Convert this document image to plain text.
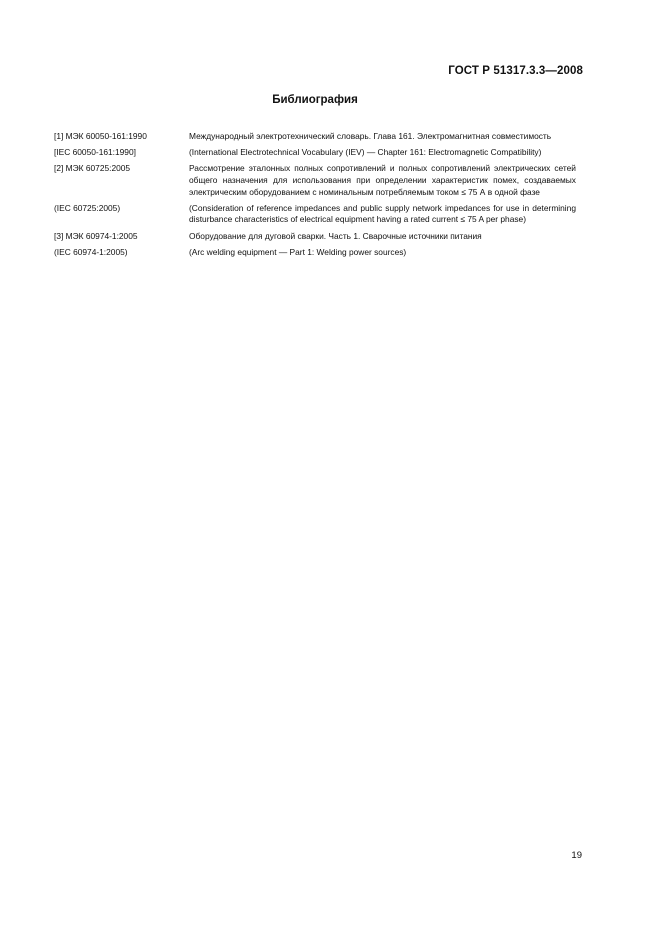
ГОСТ Р 51317.3.3—2008
Библиография
[1] МЭК 60050-161:1990	Международный электротехнический словарь. Глава 161. Электромагнитная совместимость
[IEC 60050-161:1990]	(International Electrotechnical Vocabulary (IEV) — Chapter 161: Electromagnetic Compatibility)
[2] МЭК 60725:2005	Рассмотрение эталонных полных сопротивлений и полных сопротивлений электрических сетей общего назначения для использования при определении характеристик помех, создаваемых электрическим оборудованием с номинальным потребляемым током ≤ 75 А в одной фазе
(IEC 60725:2005)	(Consideration of reference impedances and public supply network impedances for use in determining disturbance characteristics of electrical equipment having a rated current ≤ 75 A per phase)
[3] МЭК 60974-1:2005	Оборудование для дуговой сварки. Часть 1. Сварочные источники питания
(IEC 60974-1:2005)	(Arc welding equipment — Part 1: Welding power sources)
19
